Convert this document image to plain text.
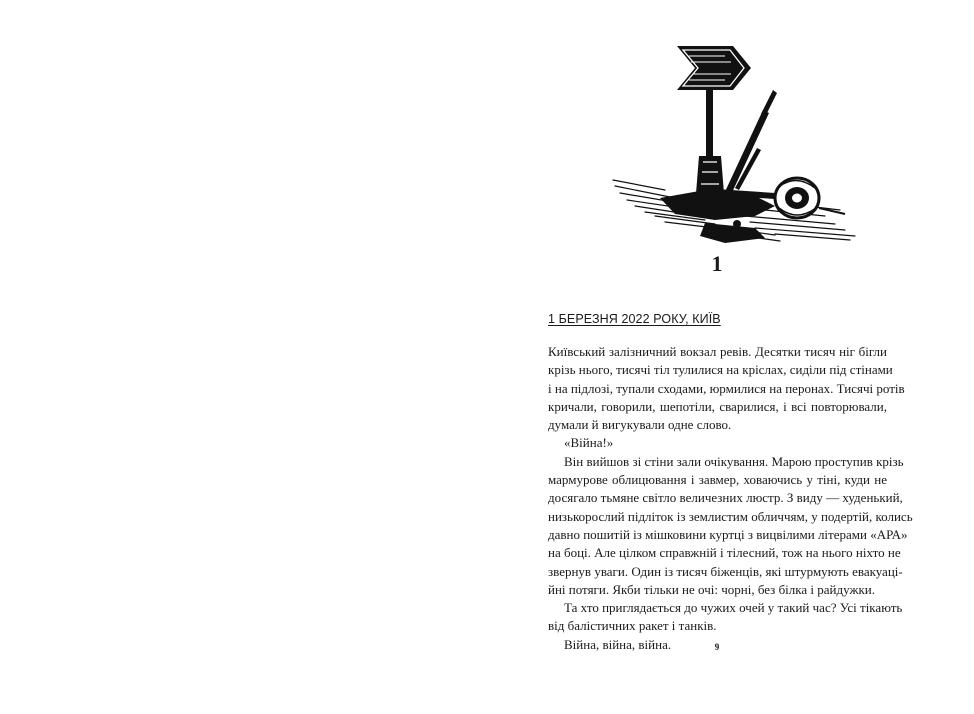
1
1 БЕРЕЗНЯ 2022 РОКУ, КИЇВ
Київський залізничний вокзал ревів. Десятки тисяч ніг бігли
крізь нього, тисячі тіл тулилися на кріслах, сиділи під стінами
і на підлозі, тупали сходами, юрмилися на перонах. Тисячі ротів
кричали, говорили, шепотіли, сварилися, і всі повторювали,
думали й вигукували одне слово.
«Війна!»
Він вийшов зі стіни зали очікування. Марою проступив крізь
мармурове облицювання і завмер, ховаючись у тіні, куди не
досягало тьмяне світло величезних люстр. З виду — худенький,
низькорослий підліток із землистим обличчям, у подертій, колись
давно пошитій із мішковини куртці з вицвілими літерами «АРА»
на боці. Але цілком справжній і тілесний, тож на нього ніхто не
звернув уваги. Один із тисяч біженців, які штурмують евакуаці-
йні потяги. Якби тільки не очі: чорні, без білка і райдужки.
Та хто приглядається до чужих очей у такий час? Усі тікають
від балістичних ракет і танків.
Війна, війна, війна.	9
